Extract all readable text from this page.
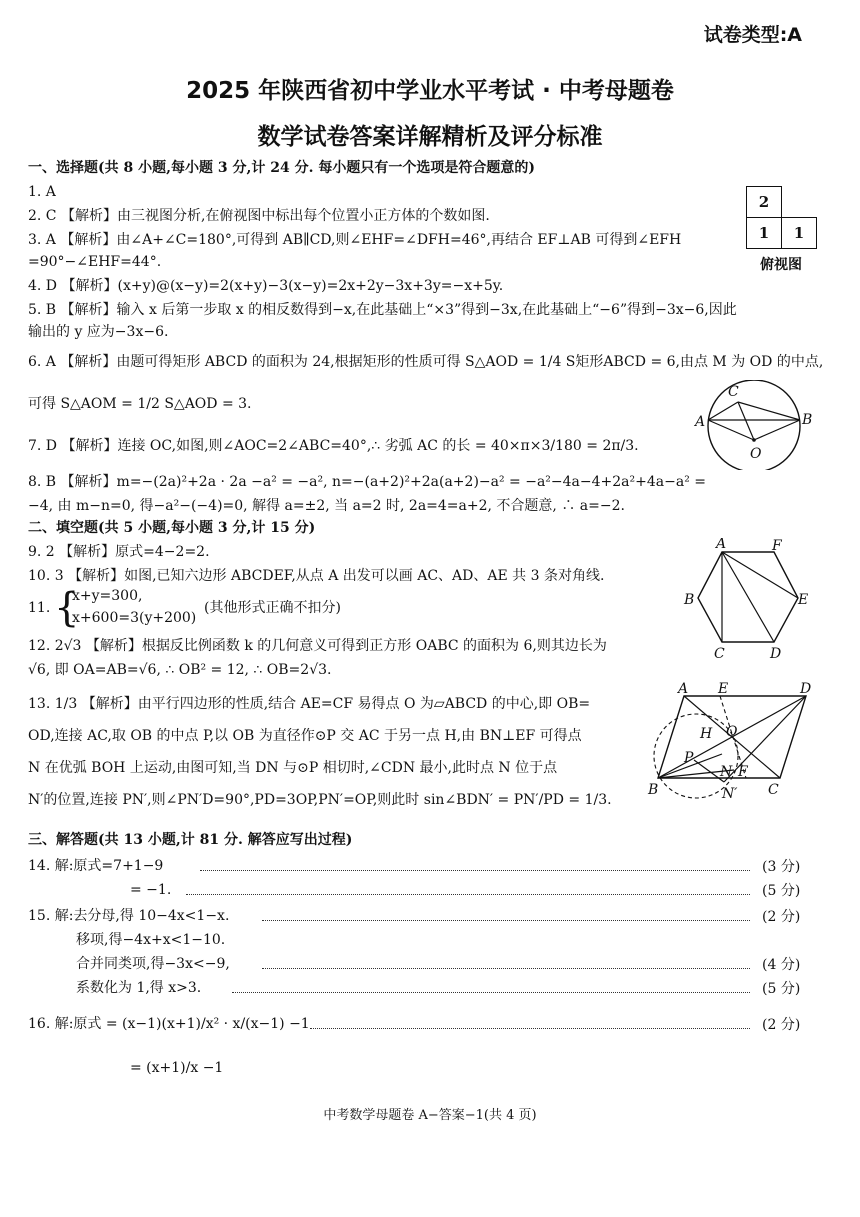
试卷类型:A
2025 年陕西省初中学业水平考试 · 中考母题卷
数学试卷答案详解精析及评分标准
一、选择题(共 8 小题,每小题 3 分,计 24 分. 每小题只有一个选项是符合题意的)
1. A
2. C 【解析】由三视图分析,在俯视图中标出每个位置小正方体的个数如图.
3. A 【解析】由∠A+∠C=180°,可得到 AB∥CD,则∠EHF=∠DFH=46°,再结合 EF⊥AB 可得到∠EFH
=90°−∠EHF=44°.
4. D 【解析】(x+y)@(x−y)=2(x+y)−3(x−y)=2x+2y−3x+3y=−x+5y.
5. B 【解析】输入 x 后第一步取 x 的相反数得到−x,在此基础上“×3”得到−3x,在此基础上“−6”得到−3x−6,因此
输出的 y 应为−3x−6.
6. A 【解析】由题可得矩形 ABCD 的面积为 24,根据矩形的性质可得 S△AOD = 1/4 S矩形ABCD = 6,由点 M 为 OD 的中点,
可得 S△AOM = 1/2 S△AOD = 3.
7. D 【解析】连接 OC,如图,则∠AOC=2∠ABC=40°,∴ 劣弧 AC 的长 = 40×π×3/180 = 2π/3.
8. B 【解析】m=−(2a)²+2a · 2a −a² = −a², n=−(a+2)²+2a(a+2)−a² = −a²−4a−4+2a²+4a−a² =
−4, 由 m−n=0, 得−a²−(−4)=0, 解得 a=±2, 当 a=2 时, 2a=4=a+2, 不合题意, ∴ a=−2.
2
1	1
俯视图
C
A	B
O
二、填空题(共 5 小题,每小题 3 分,计 15 分)
9. 2 【解析】原式=4−2=2.
10. 3 【解析】如图,已知六边形 ABCDEF,从点 A 出发可以画 AC、AD、AE 共 3 条对角线.
11. {
x+y=300,
x+600=3(y+200)
(其他形式正确不扣分)
12. 2√3 【解析】根据反比例函数 k 的几何意义可得到正方形 OABC 的面积为 6,则其边长为
√6, 即 OA=AB=√6, ∴ OB² = 12, ∴ OB=2√3.
13. 1/3 【解析】由平行四边形的性质,结合 AE=CF 易得点 O 为▱ABCD 的中心,即 OB=
OD,连接 AC,取 OB 的中点 P,以 OB 为直径作⊙P 交 AC 于另一点 H,由 BN⊥EF 可得点
N 在优弧 BOH 上运动,由图可知,当 DN 与⊙P 相切时,∠CDN 最小,此时点 N 位于点
N′的位置,连接 PN′,则∠PN′D=90°,PD=3OP,PN′=OP,则此时 sin∠BDN′ = PN′/PD = 1/3.
A	F
B	E
C	D
A E	D
H O
P
N F
B	N′ C
三、解答题(共 13 小题,计 81 分. 解答应写出过程)
14. 解:原式=7+1−9	(3 分)
= −1.	(5 分)
15. 解:去分母,得 10−4x<1−x.	(2 分)
移项,得−4x+x<1−10.
合并同类项,得−3x<−9,	(4 分)
系数化为 1,得 x>3.	(5 分)
16. 解:原式 = (x−1)(x+1)/x² · x/(x−1) −1	(2 分)
= (x+1)/x −1
中考数学母题卷 A−答案−1(共 4 页)
